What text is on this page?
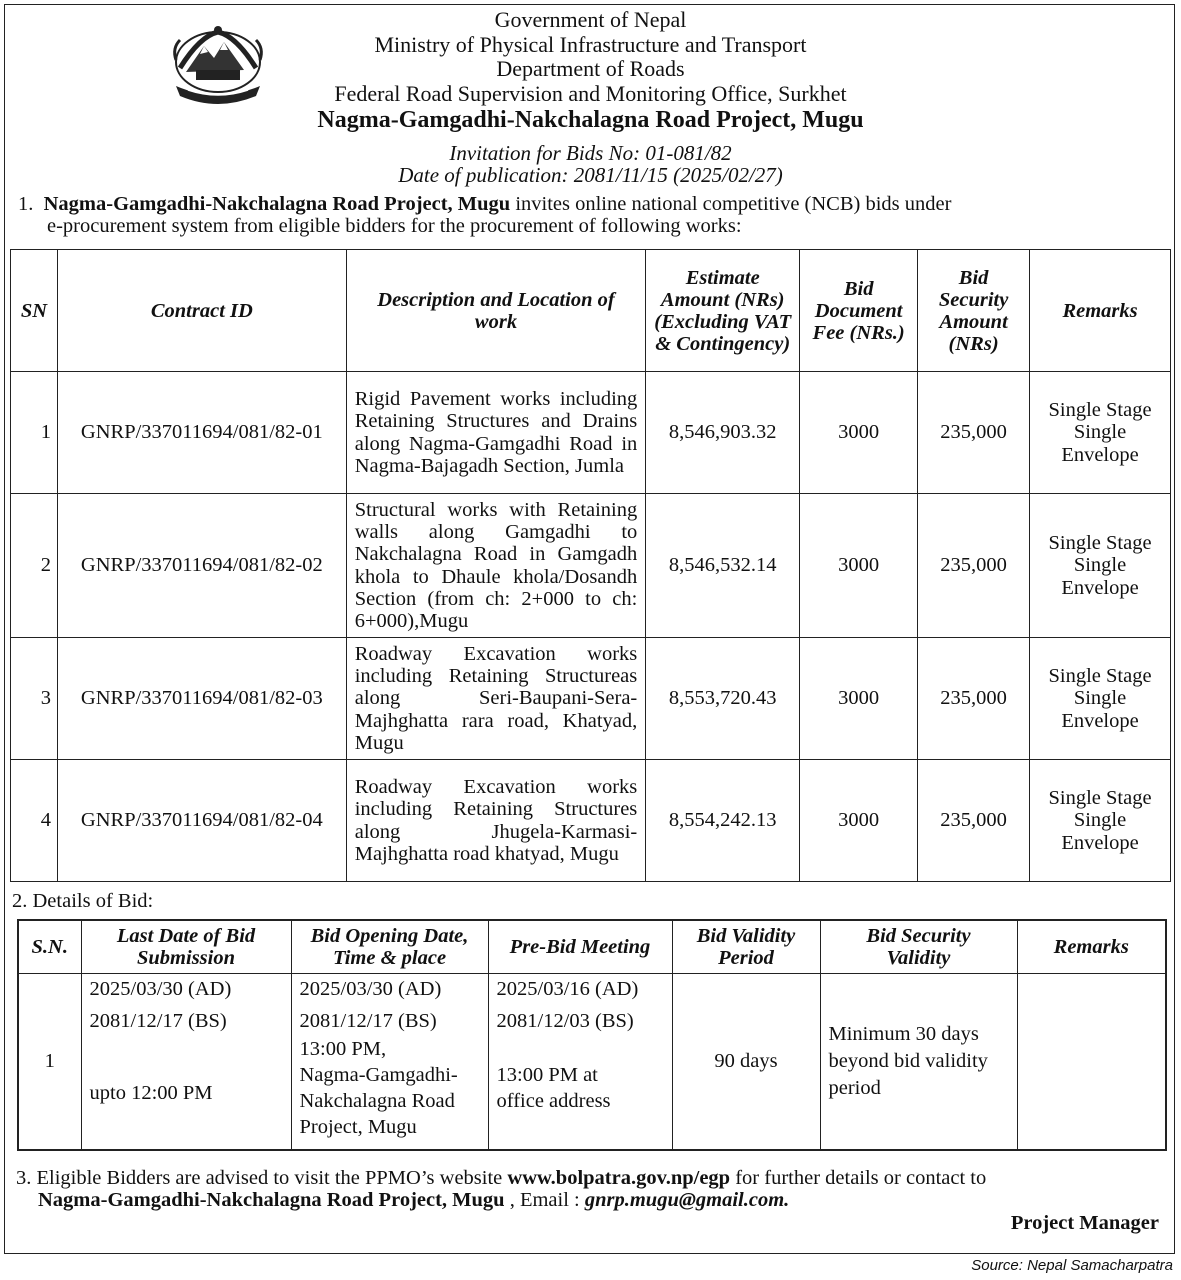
Government of Nepal
Ministry of Physical Infrastructure and Transport
Department of Roads
Federal Road Supervision and Monitoring Office, Surkhet
Nagma-Gamgadhi-Nakchalagna Road Project, Mugu
Invitation for Bids No: 01-081/82
Date of publication: 2081/11/15 (2025/02/27)
1. Nagma-Gamgadhi-Nakchalagna Road Project, Mugu invites online national competitive (NCB) bids under
e-procurement system from eligible bidders for the procurement of following works:
SN	Contract ID	Description and Location of work	Estimate Amount (NRs) (Excluding VAT & Contingency)	Bid Document Fee (NRs.)	Bid Security Amount (NRs)	Remarks
1	GNRP/337011694/081/82-01	Rigid Pavement works including Retaining Structures and Drains along Nagma-Gamgadhi Road in Nagma-Bajagadh Section, Jumla	8,546,903.32	3000	235,000	Single Stage Single Envelope
2	GNRP/337011694/081/82-02	Structural works with Retaining walls along Gamgadhi to Nakchalagna Road in Gamgadh khola to Dhaule khola/Dosandh Section (from ch: 2+000 to ch: 6+000),Mugu	8,546,532.14	3000	235,000	Single Stage Single Envelope
3	GNRP/337011694/081/82-03	Roadway Excavation works including Retaining Structureas along Seri-Baupani-Sera-Majhghatta rara road, Khatyad, Mugu	8,553,720.43	3000	235,000	Single Stage Single Envelope
4	GNRP/337011694/081/82-04	Roadway Excavation works including Retaining Structures along Jhugela-Karmasi-Majhghatta road khatyad, Mugu	8,554,242.13	3000	235,000	Single Stage Single Envelope
2. Details of Bid:
S.N.	Last Date of Bid Submission	Bid Opening Date, Time & place	Pre-Bid Meeting	Bid Validity Period	Bid Security Validity	Remarks
1	2025/03/30 (AD)
2081/12/17 (BS)
upto 12:00 PM	2025/03/30 (AD)
2081/12/17 (BS)
13:00 PM,
Nagma-Gamgadhi-Nakchalagna Road Project, Mugu	2025/03/16 (AD)
2081/12/03 (BS)
13:00 PM at
office address	90 days	Minimum 30 days beyond bid validity period	
3. Eligible Bidders are advised to visit the PPMO’s website www.bolpatra.gov.np/egp for further details or contact to
Nagma-Gamgadhi-Nakchalagna Road Project, Mugu , Email : gnrp.mugu@gmail.com.
Project Manager
Source: Nepal Samacharpatra
